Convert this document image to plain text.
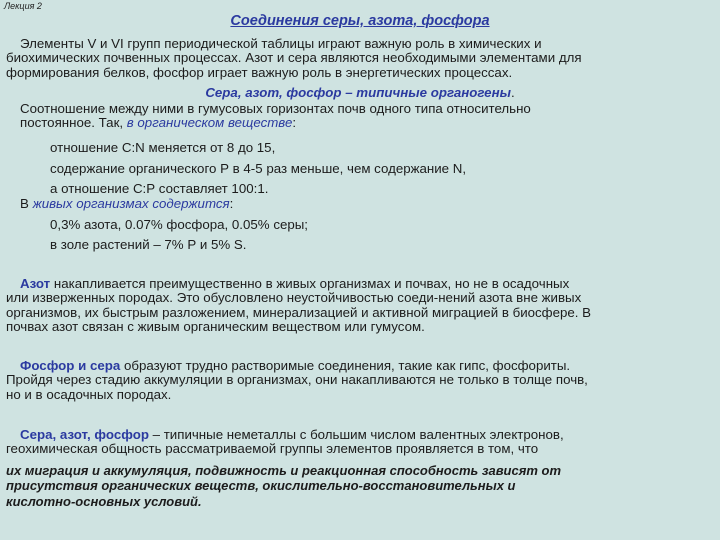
Лекция 2
Соединения серы, азота, фосфора
Элементы V и VI групп периодической таблицы играют важную роль в химических и
биохимических почвенных процессах. Азот и сера являются необходимыми элементами для
формирования белков, фосфор играет важную роль в энергетических процессах.
Сера, азот, фосфор – типичные органогены.
Соотношение между ними в гумусовых горизонтах почв одного типа относительно
постоянное. Так, в органическом веществе:
отношение C:N меняется от 8 до 15,
содержание органического Р в 4-5 раз меньше, чем содержание N,
а отношение С:Р составляет 100:1.
В живых организмах содержится:
0,3% азота, 0.07% фосфора, 0.05% серы;
в золе растений – 7% Р и 5% S.
Азот накапливается преимущественно в живых организмах и почвах, но не в осадочных
или изверженных породах. Это обусловлено неустойчивостью соеди-нений азота вне живых
организмов, их быстрым разложением, минерализацией и активной миграцией в биосфере. В
почвах азот связан с живым органическим веществом или гумусом.
Фосфор и сера образуют трудно растворимые соединения, такие как гипс, фосфориты.
Пройдя через стадию аккумуляции в организмах, они накапливаются не только в толще почв,
но и в осадочных породах.
Сера, азот, фосфор – типичные неметаллы с большим числом валентных электронов,
геохимическая общность рассматриваемой группы элементов проявляется в том, что
их миграция и аккумуляция, подвижность и реакционная способность зависят от
присутствия органических веществ, окислительно-восстановительных и
кислотно-основных условий.
